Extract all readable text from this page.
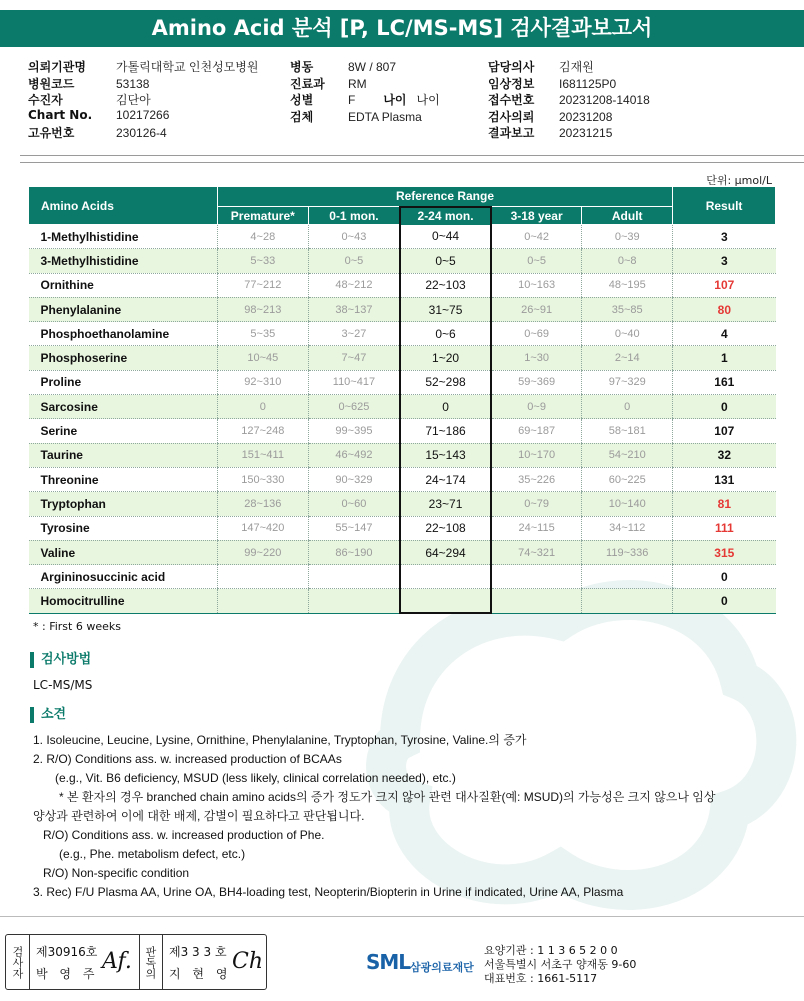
Amino Acid 분석 [P, LC/MS-MS] 검사결과보고서
의뢰기관명	가톨릭대학교 인천성모병원
병원코드	53138
수진자	김단아
Chart No. 10217266
고유번호	230126-4
병동	8W / 807
진료과 RM
성별	F 나이 나이
검체	EDTA Plasma
담당의사 김재원
임상정보 I681125P0
접수번호 20231208-14018
검사의뢰 20231208
결과보고 20231215
단위: μmol/L
Amino Acids	Reference Range					Result
	Premature*	0-1 mon.	2-24 mon.	3-18 year	Adult	
1-Methylhistidine	4~28	0~43	0~44	0~42	0~39	3
3-Methylhistidine	5~33	0~5	0~5	0~5	0~8	3
Ornithine	77~212	48~212	22~103	10~163	48~195	107
Phenylalanine	98~213	38~137	31~75	26~91	35~85	80
Phosphoethanolamine	5~35	3~27	0~6	0~69	0~40	4
Phosphoserine	10~45	7~47	1~20	1~30	2~14	1
Proline	92~310	110~417	52~298	59~369	97~329	161
Sarcosine	0	0~625	0	0~9	0	0
Serine	127~248	99~395	71~186	69~187	58~181	107
Taurine	151~411	46~492	15~143	10~170	54~210	32
Threonine	150~330	90~329	24~174	35~226	60~225	131
Tryptophan	28~136	0~60	23~71	0~79	10~140	81
Tyrosine	147~420	55~147	22~108	24~115	34~112	111
Valine	99~220	86~190	64~294	74~321	119~336	315
Argininosuccinic acid						0
Homocitrulline						0
* : First 6 weeks
검사방법
LC-MS/MS
소견
1. Isoleucine, Leucine, Lysine, Ornithine, Phenylalanine, Tryptophan, Tyrosine, Valine.의 증가
2. R/O) Conditions ass. w. increased production of BCAAs
(e.g., Vit. B6 deficiency, MSUD (less likely, clinical correlation needed), etc.)
* 본 환자의 경우 branched chain amino acids의 증가 정도가 크지 않아 관련 대사질환(예: MSUD)의 가능성은 크지 않으나 임상
양상과 관련하여 이에 대한 배제, 감별이 필요하다고 판단됩니다.
R/O) Conditions ass. w. increased production of Phe.
(e.g., Phe. metabolism defect, etc.)
R/O) Non-specific condition
3. Rec) F/U Plasma AA, Urine OA, BH4-loading test, Neopterin/Biopterin in Urine if indicated, Urine AA, Plasma
검사자	제30916호
박 영 주 Af.	판독의	제3 3 3 호
지 현 영 Ch	SML 삼광의료재단
요양기관 : 1 1 3 6 5 2 0 0
서울특별시 서초구 양재동 9-60
대표번호 : 1661-5117
